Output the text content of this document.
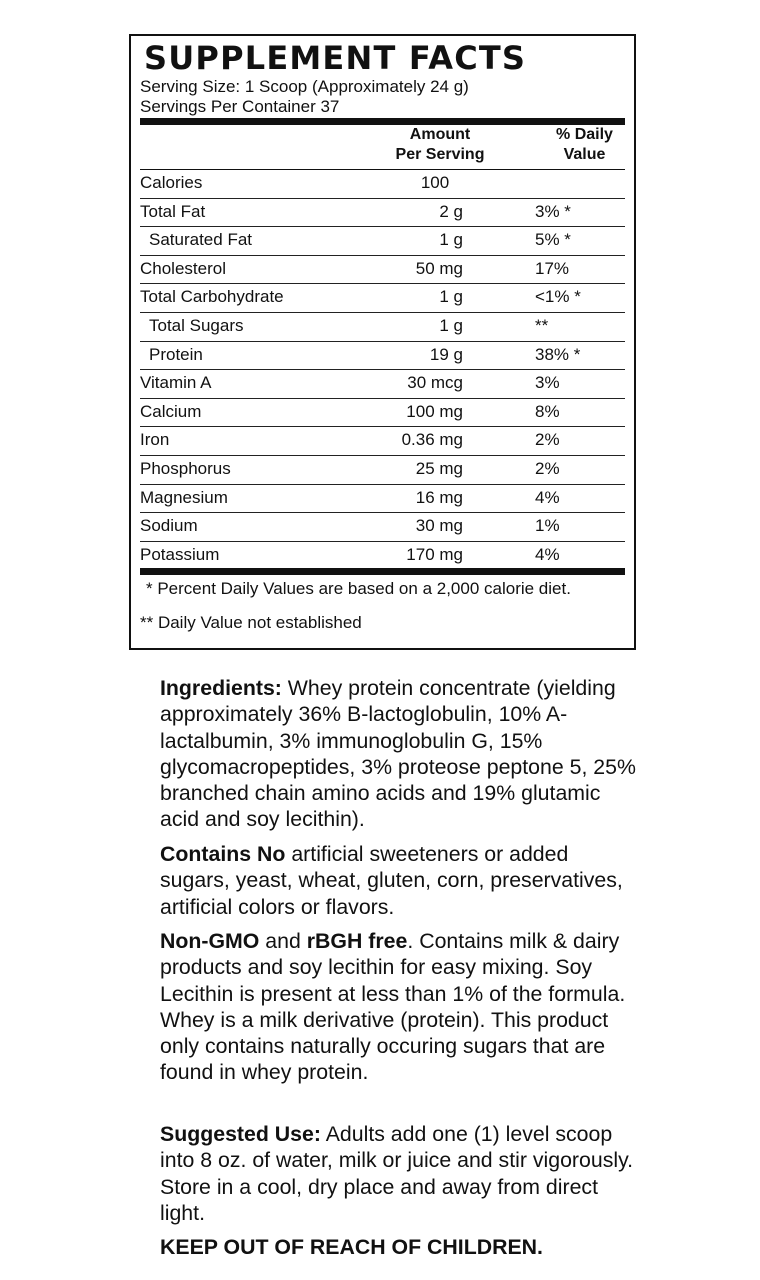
SUPPLEMENT FACTS
Serving Size: 1 Scoop (Approximately 24 g)
Servings Per Container 37
Amount
Per Serving
% Daily
Value
Calories	100
Total Fat	2 g	3% *
Saturated Fat	1 g	5% *
Cholesterol	50 mg	17%
Total Carbohydrate	1 g	<1% *
Total Sugars	1 g	**
Protein	19 g	38% *
Vitamin A	30 mcg	3%
Calcium	100 mg	8%
Iron	0.36 mg	2%
Phosphorus	25 mg	2%
Magnesium	16 mg	4%
Sodium	30 mg	1%
Potassium	170 mg	4%
* Percent Daily Values are based on a 2,000 calorie diet.
** Daily Value not established

Ingredients: Whey protein concentrate (yielding approximately 36% B-lactoglobulin, 10% A-lactalbumin, 3% immunoglobulin G, 15% glycomacropeptides, 3% proteose peptone 5, 25% branched chain amino acids and 19% glutamic acid and soy lecithin).

Contains No artificial sweeteners or added sugars, yeast, wheat, gluten, corn, preservatives, artificial colors or flavors.

Non-GMO and rBGH free. Contains milk & dairy products and soy lecithin for easy mixing. Soy Lecithin is present at less than 1% of the formula. Whey is a milk derivative (protein). This product only contains naturally occuring sugars that are found in whey protein.

Suggested Use: Adults add one (1) level scoop into 8 oz. of water, milk or juice and stir vigorously. Store in a cool, dry place and away from direct light.

KEEP OUT OF REACH OF CHILDREN.
